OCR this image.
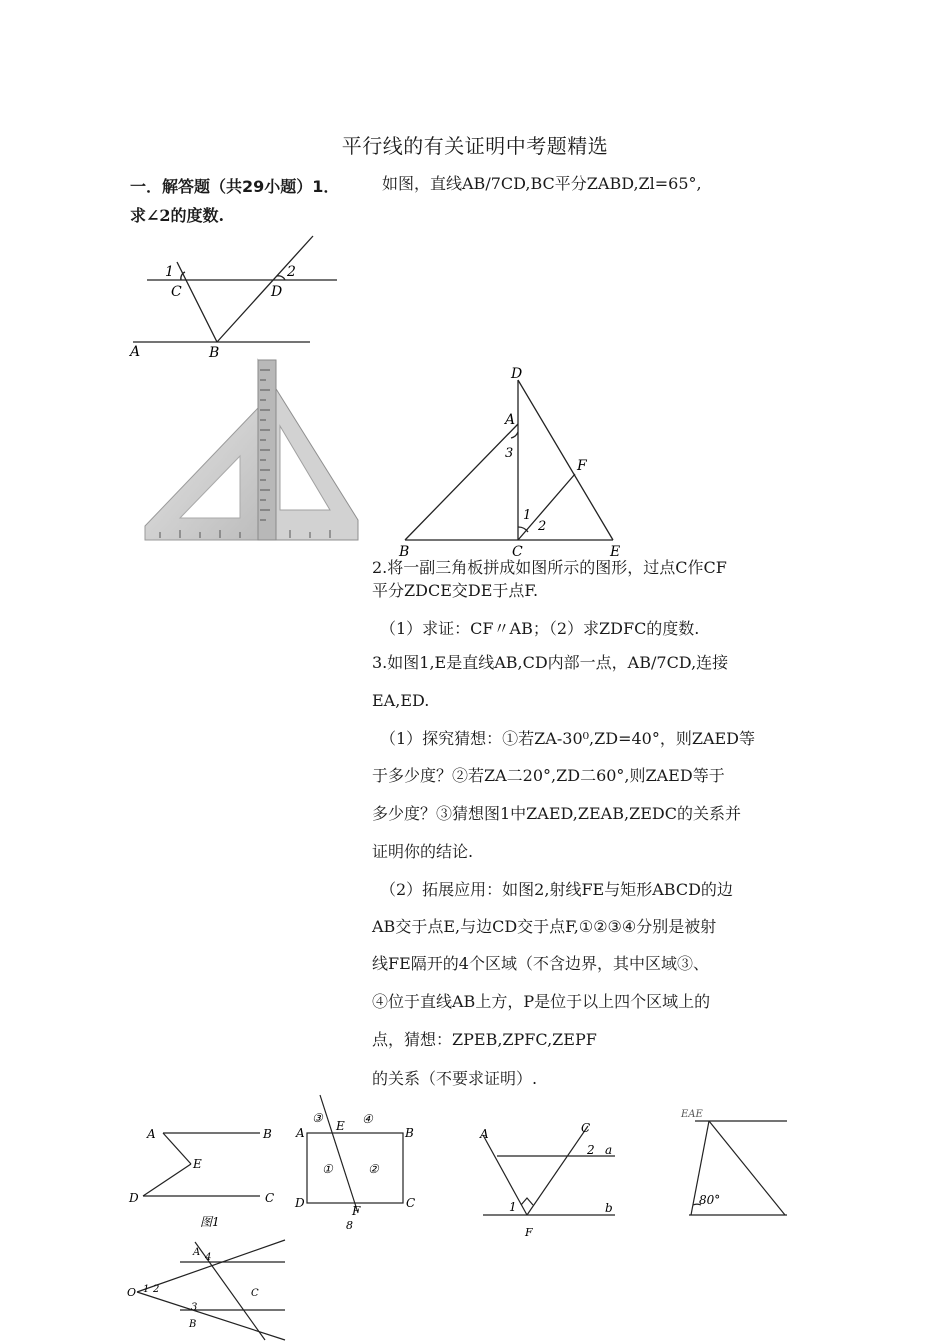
平行线的有关证明中考题精选
一．解答题（共29小题）1．	如图，直线AB/7CD,BC平分ZABD,Zl=65°,
求∠2的度数.
1	2
C	D
A	B
D
A
3
F
1
2
B	C	E
2.将一副三角板拼成如图所示的图形，过点C作CF
平分ZDCE交DE于点F.
（1）求证：CF〃AB；（2）求ZDFC的度数.
3.如图1,E是直线AB,CD内部一点，AB/7CD,连接
EA,ED.
（1）探究猜想：①若ZA-30⁰,ZD=40°，则ZAED等
于多少度？②若ZA二20°,ZD二60°,则ZAED等于
多少度？③猜想图1中ZAED,ZEAB,ZEDC的关系并
证明你的结论.
（2）拓展应用：如图2,射线FE与矩形ABCD的边
AB交于点E,与边CD交于点F,①②③④分别是被射
线FE隔开的4个区域（不含边界，其中区域③、
④位于直线AB上方，P是位于以上四个区域上的
点，猜想：ZPEB,ZPFC,ZEPF
的关系（不要求证明）.
A	B
E
D	C
图1
③
E ④
A	B
①	②
D	C
F
8
A	C
2 a
1	b
F
EAE
80°
A 4
O 1 2	C
3
B
